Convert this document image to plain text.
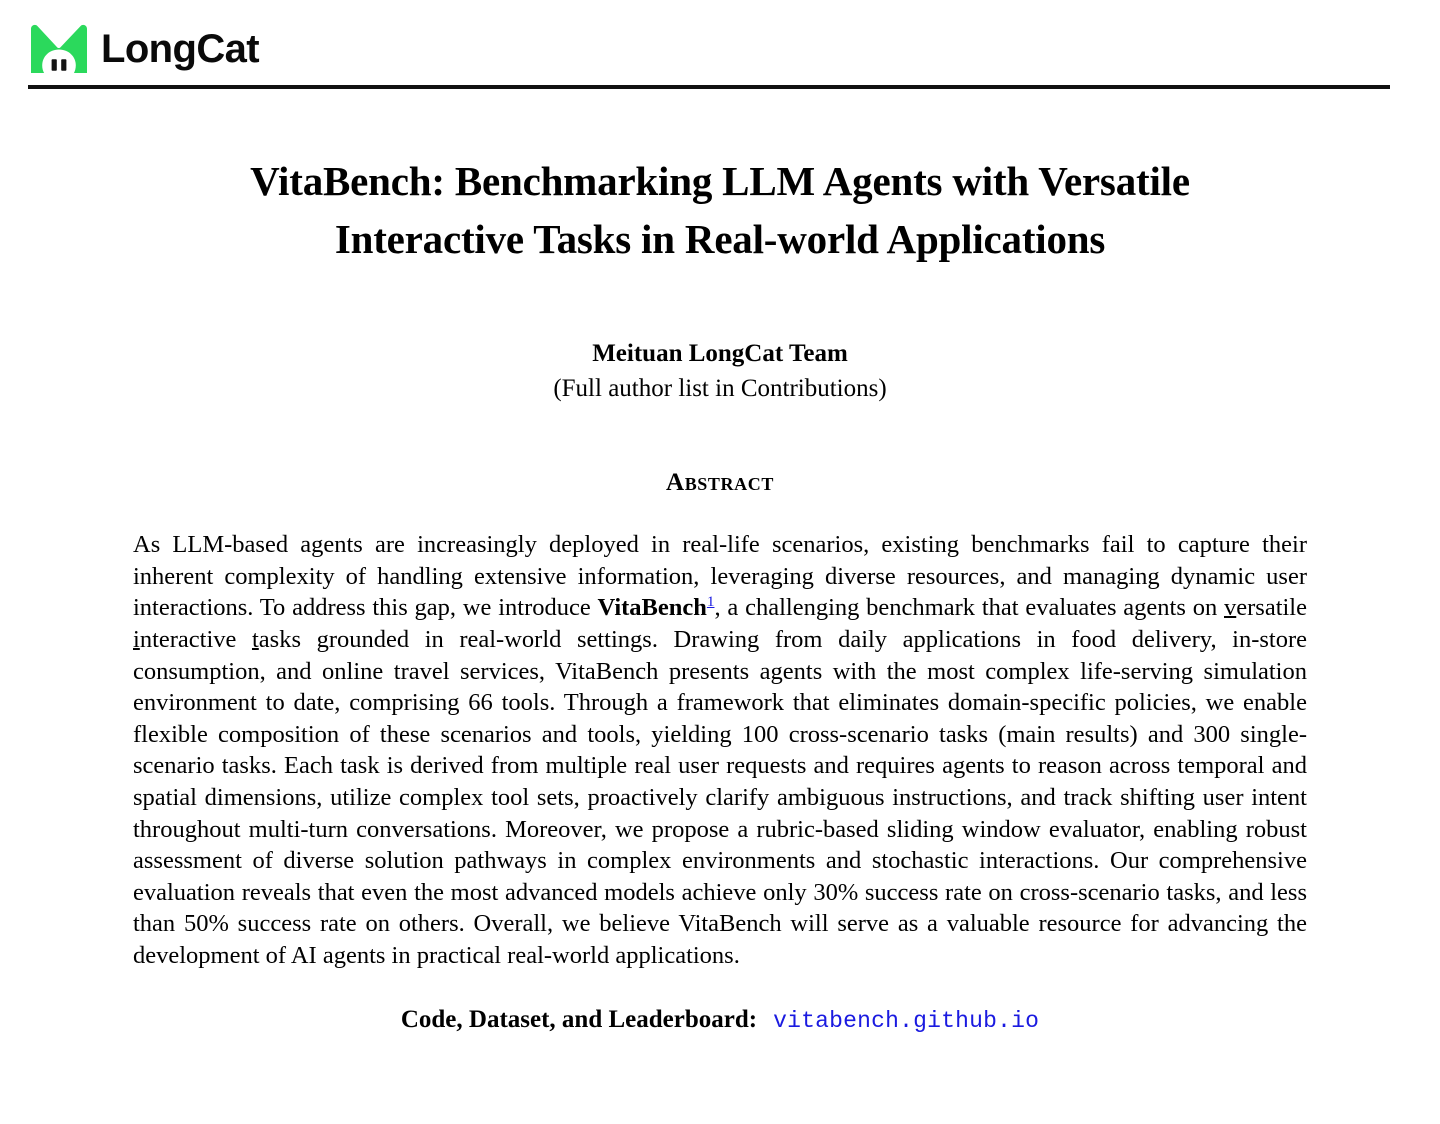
LongCat
VitaBench: Benchmarking LLM Agents with Versatile Interactive Tasks in Real-world Applications
Meituan LongCat Team
(Full author list in Contributions)
Abstract

As LLM-based agents are increasingly deployed in real-life scenarios, existing benchmarks fail to capture their inherent complexity of handling extensive information, leveraging diverse resources, and managing dynamic user interactions. To address this gap, we introduce VitaBench$^1$, a challenging benchmark that evaluates agents on versatile interactive tasks grounded in real-world settings. Drawing from daily applications in food delivery, in-store consumption, and online travel services, VitaBench presents agents with the most complex life-serving simulation environment to date, comprising 66 tools. Through a framework that eliminates domain-specific policies, we enable flexible composition of these scenarios and tools, yielding 100 cross-scenario tasks (main results) and 300 single-scenario tasks. Each task is derived from multiple real user requests and requires agents to reason across temporal and spatial dimensions, utilize complex tool sets, proactively clarify ambiguous instructions, and track shifting user intent throughout multi-turn conversations. Moreover, we propose a rubric-based sliding window evaluator, enabling robust assessment of diverse solution pathways in complex environments and stochastic interactions. Our comprehensive evaluation reveals that even the most advanced models achieve only 30% success rate on cross-scenario tasks, and less than 50% success rate on others. Overall, we believe VitaBench will serve as a valuable resource for advancing the development of AI agents in practical real-world applications.

Code, Dataset, and Leaderboard: vitabench.github.io
